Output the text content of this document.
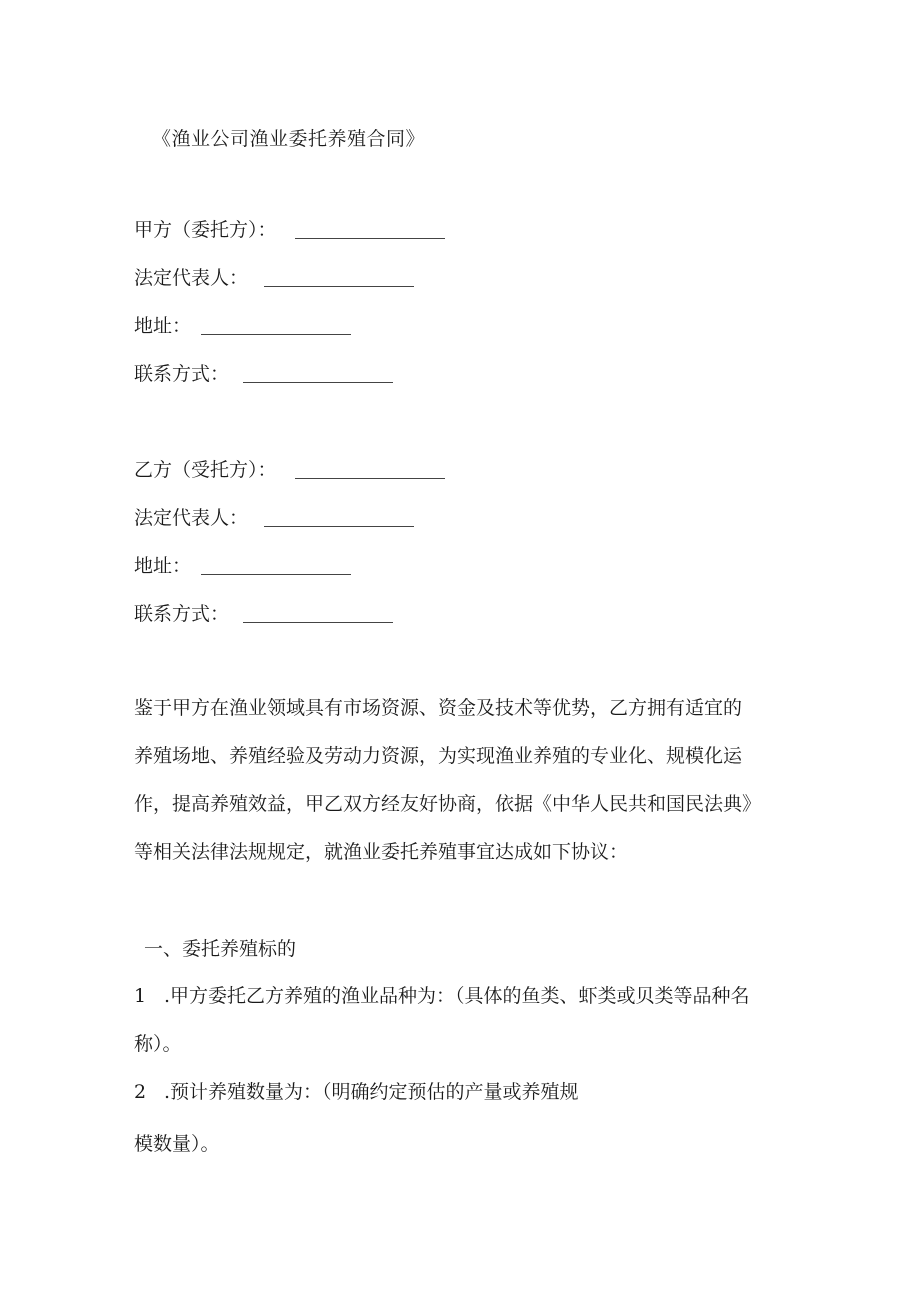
《渔业公司渔业委托养殖合同》
甲方（委托方）：
法定代表人：
地址：
联系方式：
乙方（受托方）：
法定代表人：
地址：
联系方式：
鉴于甲方在渔业领域具有市场资源、资金及技术等优势，乙方拥有适宜的
养殖场地、养殖经验及劳动力资源，为实现渔业养殖的专业化、规模化运
作，提高养殖效益，甲乙双方经友好协商，依据《中华人民共和国民法典》
等相关法律法规规定，就渔业委托养殖事宜达成如下协议：
一、委托养殖标的
1 .甲方委托乙方养殖的渔业品种为：（具体的鱼类、虾类或贝类等品种名
称）。
2 .预计养殖数量为：（明确约定预估的产量或养殖规
模数量）。
